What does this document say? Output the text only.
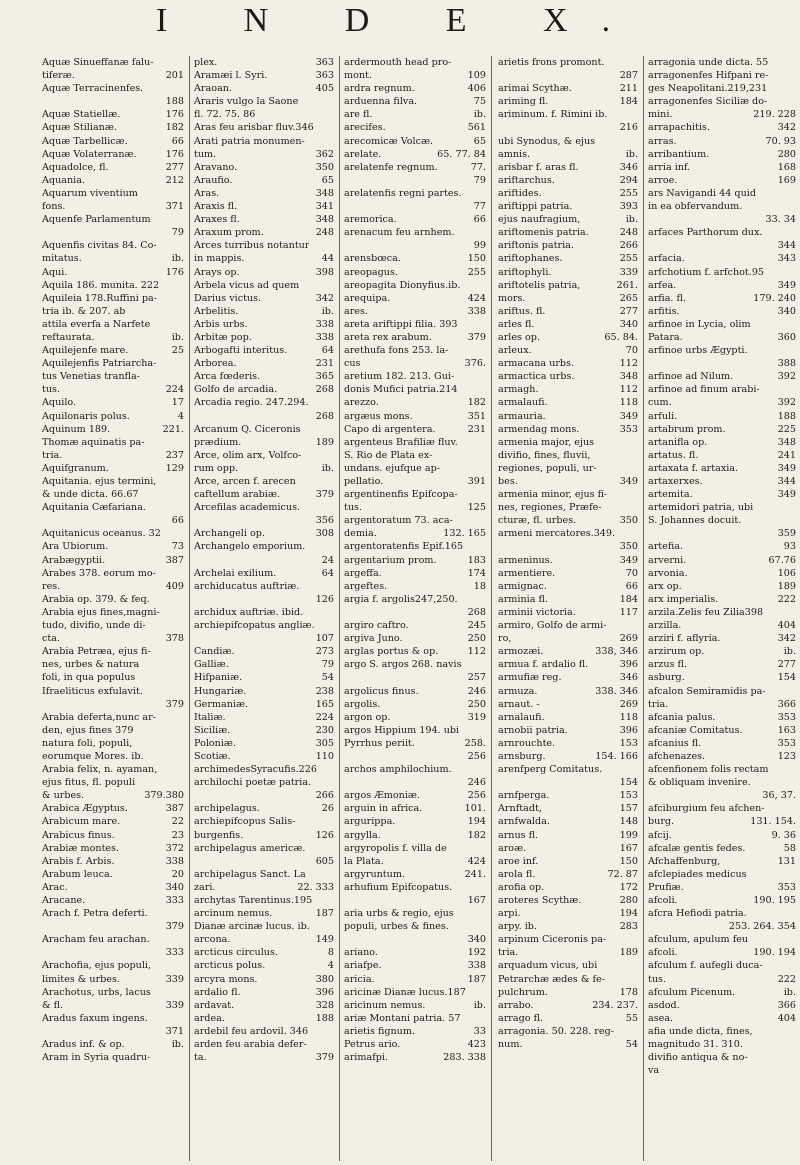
I N D E X.
Aquæ Sinueffanæ falu-
tiferæ.	201
Aquæ Terracinenfes.
188
Aquæ Statiellæ.	176
Aquæ Stilianæ.	182
Aquæ Tarbellicæ.	66
Aquæ Volaterranæ.	176
Aquadolce, fl.	277
Aquania.	212
Aquarum viventium
fons.	371
Aquenfe Parlamentum
79
Aquenfis civitas 84. Co-
mitatus.	ib.
Aqui.	176
Aquila 186. munita. 222
Aquileia 178.Ruffini pa-
tria ib. & 207. ab
attila everfa a Narfete
reftaurata.	ib.
Aquilejenfe mare.	25
Aquilejenfis Patriarcha-
tus Venetias tranfla-
tus.	224
Aquilo.	17
Aquilonaris polus.	4
Aquinum 189.	221.
Thomæ aquinatis pa-
tria.	237
Aquifgranum.	129
Aquitania. ejus termini,
& unde dicta. 66.67
Aquitania Cæfariana.
66
Aquitanicus oceanus. 32
Ara Ubiorum.	73
Arabægyptii.	387
Arabes 378. eorum mo-
res.	409
Arabia op. 379. & feq.
Arabia ejus fines,magni-
tudo, divifio, unde di-
cta.	378
Arabia Petræa, ejus fi-
nes, urbes & natura
foli, in qua populus
Ifraeliticus exfulavit.
379
Arabia deferta,nunc ar-
den, ejus fines 379
natura foli, populi,
eorumque Mores. ib.
Arabia felix, n. ayaman,
ejus fitus, fl. populi
& urbes.	379.380
Arabica Ægyptus.	387
Arabicum mare.	22
Arabicus finus.	23
Arabiæ montes.	372
Arabis f. Arbis.	338
Arabum leuca.	20
Arac.	340
Aracane.	333
Arach f. Petra deferti.
379
Aracham feu arachan.
333
Arachofia, ejus populi,
limites & urbes.	339
Arachotus, urbs, lacus
& fl.	339
Aradus faxum ingens.
371
Aradus inf. & op.	ib.
Aram in Syria quadru-
plex.	363
Aramæi l. Syri.	363
Araoan.	405
Araris vulgo la Saone
fl. 72. 75. 86
Aras feu arisbar fluv.346
Arati patria monumen-
tum.	362
Aravano.	350
Araufio.	65
Aras.	348
Araxis fl.	341
Araxes fl.	348
Araxum prom.	248
Arces turribus notantur
in mappis.	44
Arays op.	398
Arbela vicus ad quem
Darius victus.	342
Arbelitis.	ib.
Arbis urbs.	338
Arbitæ pop.	338
Arbogafti interitus.	64
Arborea.	231
Arca fœderis.	365
Golfo de arcadia.	268
Arcadia regio. 247.294.
268
Arcanum Q. Ciceronis
prædium.	189
Arce, olim arx, Volfco-
rum opp.	ib.
Arce, arcen f. arecen
caftellum arabiæ.	379
Arcefilas academicus.
356
Archangeli op.	308
Archangelo emporium.
24
Archelai exilium.	64
archiducatus auftriæ.
126
archidux auftriæ. ibid.
archiepifcopatus angliæ.
107
Candiæ.	273
Galliæ.	79
Hifpaniæ.	54
Hungariæ.	238
Germaniæ.	165
Italiæ.	224
Siciliæ.	230
Poloniæ.	305
Scotiæ.	110
archimedesSyracufis.226
archilochi poetæ patria.
266
archipelagus.	26
archiepifcopus Salis-
burgenfis.	126
archipelagus americæ.
605
archipelagus Sanct. La
zari.	22. 333
archytas Tarentinus.195
arcinum nemus.	187
Dianæ arcinæ lucus. ib.
arcona.	149
arcticus circulus.	8
arcticus polus.	4
arcyra mons.	380
ardalio fl.	396
ardavat.	328
ardea.	188
ardebil feu ardovil. 346
arden feu arabia defer-
ta.	379
ardermouth head pro-
mont.	109
ardra regnum.	406
arduenna filva.	75
are fl.	ib.
arecifes.	561
arecomicæ Volcæ.	65
arelate.	65. 77. 84
arelatenfe regnum.	77.
79
arelatenfis regni partes.
77
aremorica.	66
arenacum feu arnhem.
99
arensbœca.	150
areopagus.	255
areopagita Dionyfius.ib.
arequipa.	424
ares.	338
areta ariftippi filia. 393
areta rex arabum.	379
arethufa fons 253. la-
cus	376.
aretium 182. 213. Gui-
donis Mufici patria.214
arezzo.	182
argæus mons.	351
Capo di argentera.	231
argenteus Brafiliæ fluv.
S. Rio de Plata ex-
undans. ejufque ap-
pellatio.	391
argentinenfis Epifcopa-
tus.	125
argentoratum 73. aca-
demia.	132. 165
argentoratenfis Epif.165
argentarium prom.	183
argeffa.	174
argeftes.	18
argia f. argolis247,250.
268
argiro caftro.	245
argiva Juno.	250
arglas portus & op.	112
argo S. argos 268. navis
257
argolicus finus.	246
argolis.	250
argon op.	319
argos Hippium 194. ubi
Pyrrhus periit.	258.
256
archos amphilochium.
246
argos Æmoniæ.	256
arguin in africa.	101.
argurippa.	194
argylla.	182
argyropolis f. villa de
la Plata.	424
argyruntum.	241.
arhufium Epifcopatus.
167
aria urbs & regio, ejus
populi, urbes & fines.
340
ariano.	192
ariafpe.	338
aricia.	187
aricinæ Dianæ lucus.187
aricinum nemus.	ib.
ariæ Montani patria. 57
arietis fignum.	33
Petrus ario.	423
arimafpi.	283. 338
arietis frons promont.
287
arimai Scythæ.	211
ariming fl.	184
ariminum. f. Rimini ib.
216
ubi Synodus, & ejus
amnis.	ib.
arisbar f. aras fl.	346
ariftarchus.	294
ariftides.	255
ariftippi patria.	393
ejus naufragium,	ib.
ariftomenis patria.	248
ariftonis patria.	266
ariftophanes.	255
ariftophyli.	339
ariftotelis patria,	261.
mors.	265
ariftus. fl.	277
arles fl.	340
arles op.	65. 84.
arleux.	70
armacana urbs.	112
armactica urbs.	348
armagh.	112
armalaufi.	118
armauria.	349
armendag mons.	353
armenia major, ejus
divifio, fines, fluvii,
regiones, populi, ur-
bes.	349
armenia minor, ejus fi-
nes, regiones, Præfe-
cturæ, fl. urbes.	350
armeni mercatores.349.
350
armeninus.	349
armentiere.	70
armignac.	66
arminia fl.	184
arminii victoria.	117
armiro, Golfo de armi-
ro,	269
armozæi.	338, 346
armua f. ardalio fl.	396
armufiæ reg.	346
armuza.	338. 346
arnaut. -	269
arnalaufi.	118
arnobii patria.	396
arnrouchte.	153
arnsburg.	154. 166
arenfperg Comitatus.
154
arnfperga.	153
Arnftadt,	157
arnfwalda.	148
arnus fl.	199
aroæ.	167
aroe inf.	150
arola fl.	72. 87
arofia op.	172
aroteres Scythæ.	280
arpi.	194
arpy. ib.	283
arpinum Ciceronis pa-
tria.	189
arquadum vicus, ubi
Petrarchæ ædes & fe-
pulchrum.	178
arrabo.	234. 237.
arrago fl.	55
arragonia. 50. 228. reg-
num.	54
arragonia unde dicta. 55
arragonenfes Hifpani re-
ges Neapolitani.219,231
arragonenfes Siciliæ do-
mini.	219. 228
arrapachitis.	342
arras.	70. 93
arribantium.	280
arria inf.	168
arroe.	169
ars Navigandi 44 quid
in ea obfervandum.
33. 34
arfaces Parthorum dux.
344
arfacia.	343
arfchotium f. arfchot.95
arfea.	349
arfia. fl.	179. 240
arfitis.	340
arfinoe in Lycia, olim
Patara.	360
arfinoe urbs Ægypti.
388
arfinoe ad Nilum.	392
arfinoe ad finum arabi-
cum.	392
arfuli.	188
artabrum prom.	225
artanifla op.	348
artatus. fl.	241
artaxata f. artaxia.	349
artaxerxes.	344
artemita.	349
artemidori patria, ubi
S. Johannes docuit.
359
artefia.	93
arverni.	67.76
arvonia.	106
arx op.	189
arx imperialis.	222
arzila.Zelis feu Zilia398
arzilla.	404
arziri f. aflyria.	342
arzirum op.	ib.
arzus fl.	277
asburg.	154
afcalon Semiramidis pa-
tria.	366
afcania palus.	353
afcaniæ Comitatus.	163
afcanius fl.	353
afchenazes.	123
afcenfionem folis rectam
& obliquam invenire.
36, 37.
afciburgium feu afchen-
burg.	131. 154.
afcij.	9. 36
afcalæ gentis fedes.	58
Afchaffenburg,	131
afclepiades medicus
Prufiæ.	353
afcoli.	190. 195
afcra Hefiodi patria.
253. 264. 354
afculum, apulum feu
afcoli.	190. 194
afculum f. aufegli duca-
tus.	222
afculum Picenum.	ib.
asdod.	366
asea.	404
afia unde dicta, fines,
magnitudo 31. 310.
divifio antiqua & no-
va
